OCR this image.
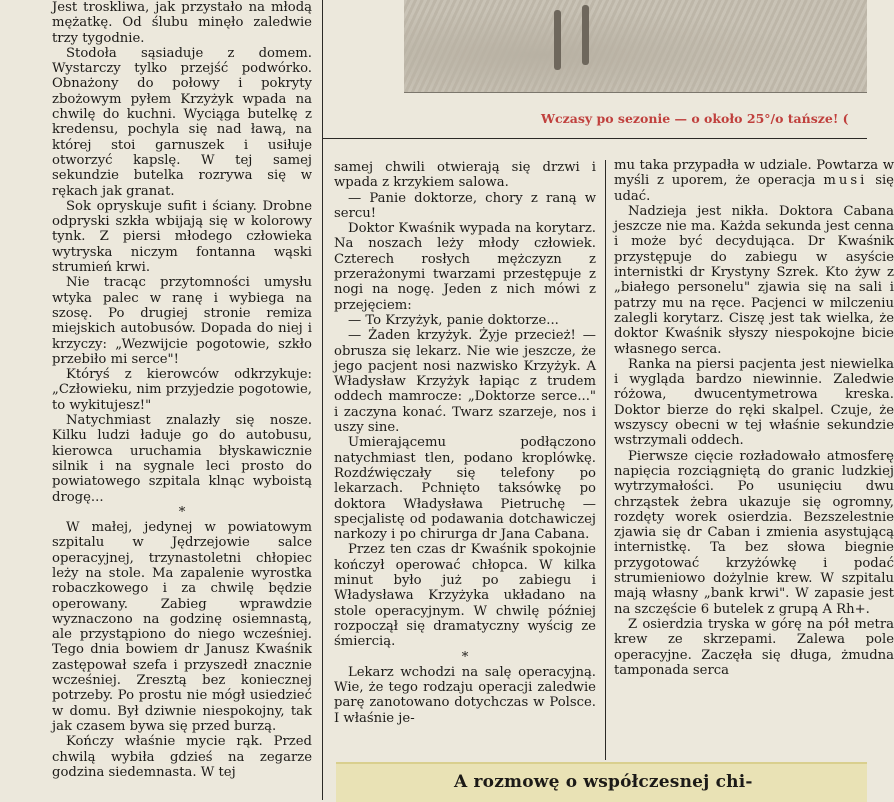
Wczasy po sezonie — o około 25°/o tańsze! (

Jest troskliwa, jak przystało na młodą mężatkę. Od ślubu minęło zaledwie trzy tygodnie.

Stodoła sąsiaduje z domem. Wystarczy tylko przejść podwórko. Obnażony do połowy i pokryty zbożowym pyłem Krzyżyk wpada na chwilę do kuchni. Wyciąga butelkę z kredensu, pochyla się nad ławą, na której stoi garnuszek i usiłuje otworzyć kapslę. W tej samej sekundzie butelka rozrywa się w rękach jak granat.

Sok opryskuje sufit i ściany. Drobne odpryski szkła wbijają się w kolorowy tynk. Z piersi młodego człowieka wytryska niczym fontanna wąski strumień krwi.

Nie tracąc przytomności umysłu wtyka palec w ranę i wybiega na szosę. Po drugiej stronie remiza miejskich autobusów. Dopada do niej i krzyczy: „Wezwijcie pogotowie, szkło przebiło mi serce"!

Któryś z kierowców odkrzykuje: „Człowieku, nim przyjedzie pogotowie, to wykitujesz!"

Natychmiast znalazły się nosze. Kilku ludzi ładuje go do autobusu, kierowca uruchamia błyskawicznie silnik i na sygnale leci prosto do powiatowego szpitala klnąc wyboistą drogę...

*

W małej, jedynej w powiatowym szpitalu w Jędrzejowie salce operacyjnej, trzynastoletni chłopiec leży na stole. Ma zapalenie wyrostka robaczkowego i za chwilę będzie operowany. Zabieg wprawdzie wyznaczono na godzinę osiemnastą, ale przystąpiono do niego wcześniej. Tego dnia bowiem dr Janusz Kwaśnik zastępował szefa i przyszedł znacznie wcześniej. Zresztą bez koniecznej potrzeby. Po prostu nie mógł usiedzieć w domu. Był dziwnie niespokojny, tak jak czasem bywa się przed burzą.

Kończy właśnie mycie rąk. Przed chwilą wybiła gdzieś na zegarze godzina siedemnasta. W tej

samej chwili otwierają się drzwi i wpada z krzykiem salowa.

— Panie doktorze, chory z raną w sercu!

Doktor Kwaśnik wypada na korytarz. Na noszach leży młody człowiek. Czterech rosłych mężczyzn z przerażonymi twarzami przestępuje z nogi na nogę. Jeden z nich mówi z przejęciem:

— To Krzyżyk, panie doktorze...

— Żaden krzyżyk. Żyje przecież! — obrusza się lekarz. Nie wie jeszcze, że jego pacjent nosi nazwisko Krzyżyk. A Władysław Krzyżyk łapiąc z trudem oddech mamrocze: „Doktorze serce..." i zaczyna konać. Twarz szarzeje, nos i uszy sine.

Umierającemu podłączono natychmiast tlen, podano kroplówkę. Rozdźwięczały się telefony po lekarzach. Pchnięto taksówkę po doktora Władysława Pietruchę — specjalistę od podawania dotchawiczej narkozy i po chirurga dr Jana Cabana.

Przez ten czas dr Kwaśnik spokojnie kończył operować chłopca. W kilka minut było już po zabiegu i Władysława Krzyżyka układano na stole operacyjnym. W chwilę później rozpoczął się dramatyczny wyścig ze śmiercią.

*

Lekarz wchodzi na salę operacyjną. Wie, że tego rodzaju operacji zaledwie parę zanotowano dotychczas w Polsce. I właśnie je-

mu taka przypadła w udziale. Powtarza w myśli z uporem, że operacja musi się udać.

Nadzieja jest nikła. Doktora Cabana jeszcze nie ma. Każda sekunda jest cenna i może być decydująca. Dr Kwaśnik przystępuje do zabiegu w asyście internistki dr Krystyny Szrek. Kto żyw z „białego personelu" zjawia się na sali i patrzy mu na ręce. Pacjenci w milczeniu zalegli korytarz. Ciszę jest tak wielka, że doktor Kwaśnik słyszy niespokojne bicie własnego serca.

Ranka na piersi pacjenta jest niewielka i wygląda bardzo niewinnie. Zaledwie różowa, dwucentymetrowa kreska. Doktor bierze do ręki skalpel. Czuje, że wszyscy obecni w tej właśnie sekundzie wstrzymali oddech.

Pierwsze cięcie rozładowało atmosferę napięcia rozciągniętą do granic ludzkiej wytrzymałości. Po usunięciu dwu chrząstek żebra ukazuje się ogromny, rozdęty worek osierdzia. Bezszelestnie zjawia się dr Caban i zmienia asystującą internistkę. Ta bez słowa biegnie przygotować krzyżówkę i podać strumieniowo dożylnie krew. W szpitalu mają własny „bank krwi". W zapasie jest na szczęście 6 butelek z grupą A Rh+.

Z osierdzia tryska w górę na pół metra krew ze skrzepami. Zalewa pole operacyjne. Zaczęła się długa, żmudna tamponada serca

A rozmowę o współczesnej chi-
